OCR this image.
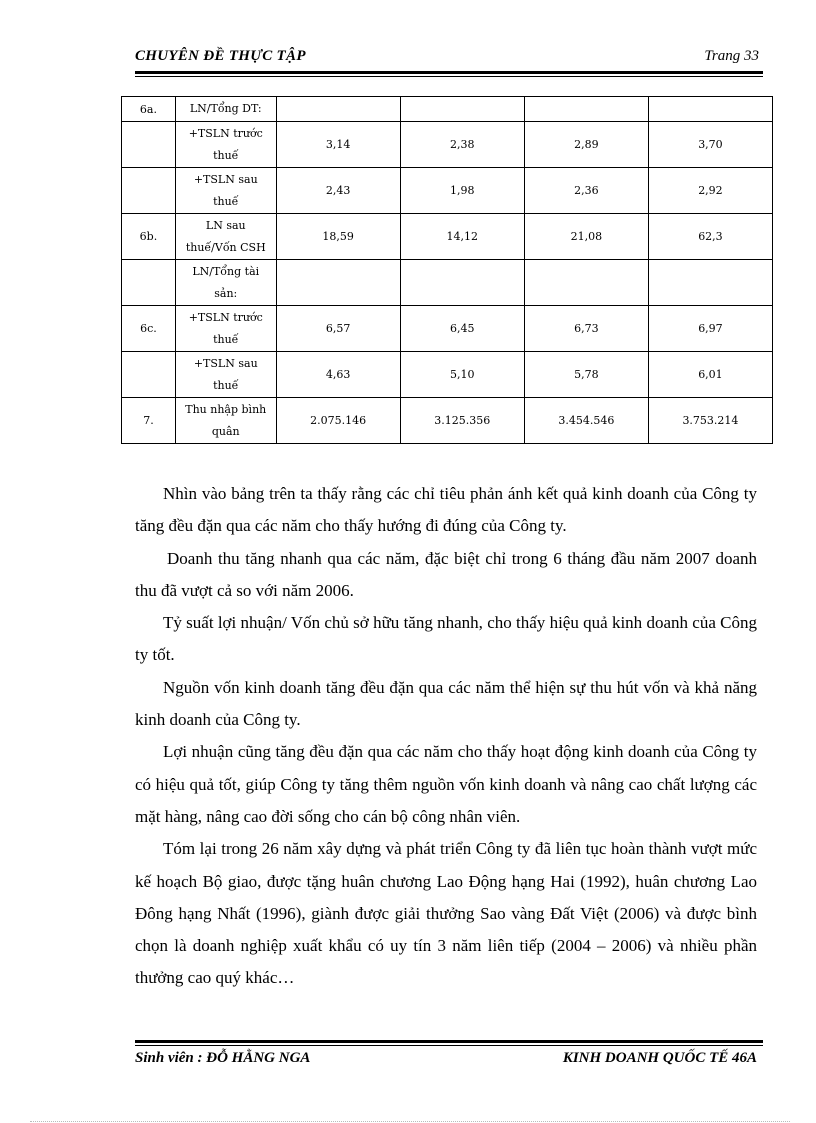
CHUYÊN ĐỀ THỰC TẬP	Trang 33
6a.	LN/Tổng DT:				
	+TSLN trước thuế	3,14	2,38	2,89	3,70
	+TSLN sau thuế	2,43	1,98	2,36	2,92
6b.	LN sau thuế/Vốn CSH	18,59	14,12	21,08	62,3
	LN/Tổng tài sản:				
6c.	+TSLN trước thuế	6,57	6,45	6,73	6,97
	+TSLN sau thuế	4,63	5,10	5,78	6,01
7.	Thu nhập bình quân	2.075.146	3.125.356	3.454.546	3.753.214

Nhìn vào bảng trên ta thấy rằng các chỉ tiêu phản ánh kết quả kinh doanh của Công ty tăng đều đặn qua các năm cho thấy hướng đi đúng của Công ty.

Doanh thu tăng nhanh qua các năm, đặc biệt chỉ trong 6 tháng đầu năm 2007 doanh thu đã vượt cả so với năm 2006.

Tỷ suất lợi nhuận/ Vốn chủ sở hữu tăng nhanh, cho thấy hiệu quả kinh doanh của Công ty tốt.

Nguồn vốn kinh doanh tăng đều đặn qua các năm thể hiện sự thu hút vốn và khả năng kinh doanh của Công ty.

Lợi nhuận cũng tăng đều đặn qua các năm cho thấy hoạt động kinh doanh của Công ty có hiệu quả tốt, giúp Công ty tăng thêm nguồn vốn kinh doanh và nâng cao chất lượng các mặt hàng, nâng cao đời sống cho cán bộ công nhân viên.

Tóm lại trong 26 năm xây dựng và phát triển Công ty đã liên tục hoàn thành vượt mức kế hoạch Bộ giao, được tặng huân chương Lao Động hạng Hai (1992), huân chương Lao Đông hạng Nhất (1996), giành được giải thưởng Sao vàng Đất Việt (2006) và được bình chọn là doanh nghiệp xuất khẩu có uy tín 3 năm liên tiếp (2004 – 2006) và nhiều phần thưởng cao quý khác…

Sinh viên : ĐỖ HẰNG NGA	KINH DOANH QUỐC TẾ 46A
